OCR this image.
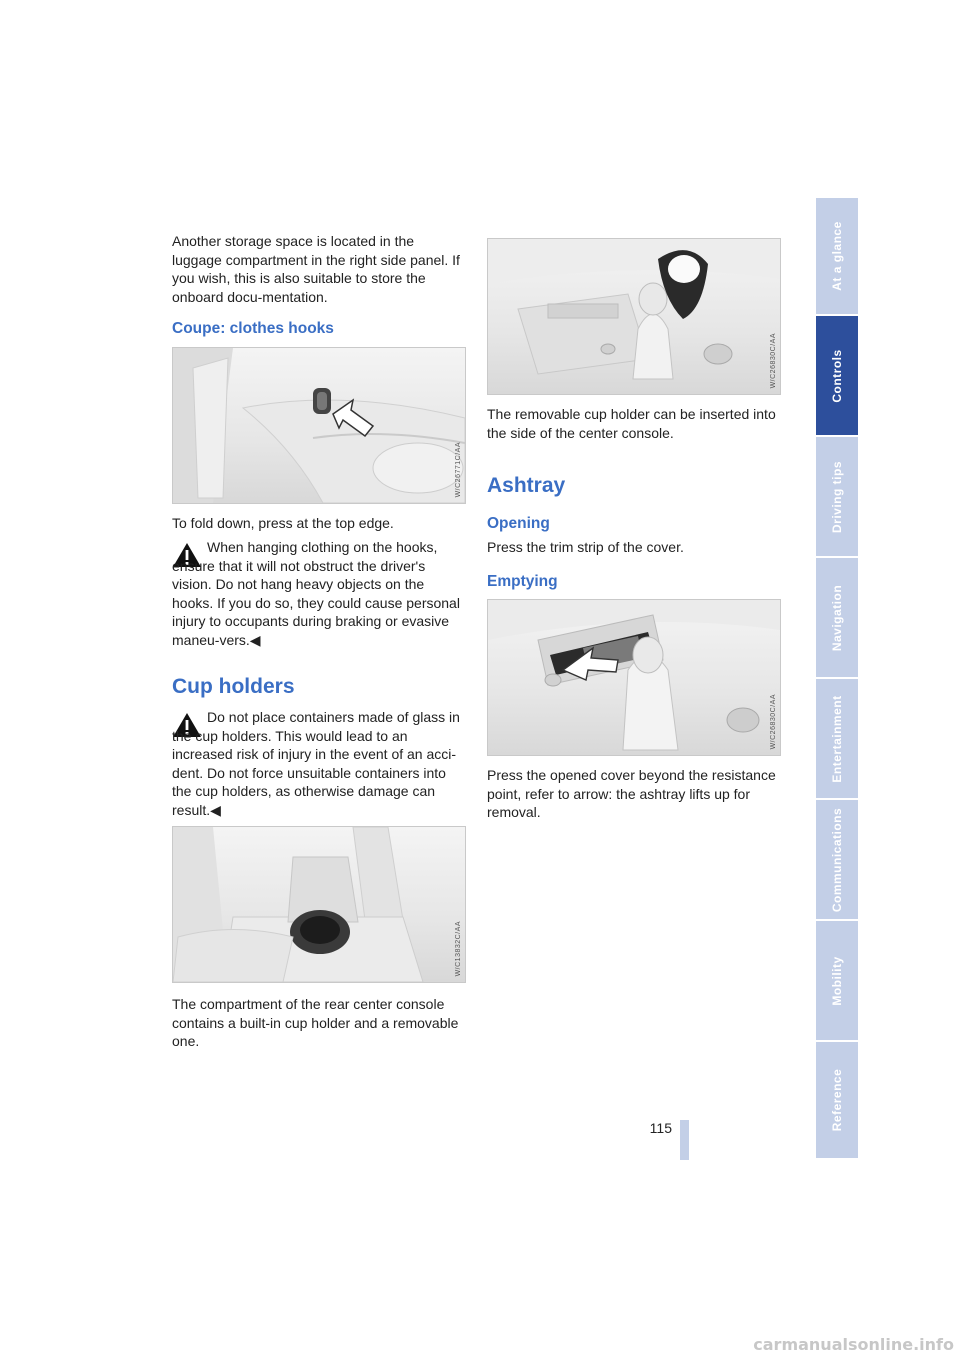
Another storage space is located in the luggage compartment in the right side panel. If you wish, this is also suitable to store the onboard docu-mentation.

Coupe: clothes hooks
W/C26771C/AA
To fold down, press at the top edge.
When hanging clothing on the hooks, ensure that it will not obstruct the driver's vision. Do not hang heavy objects on the hooks. If you do so, they could cause personal injury to occupants during braking or evasive maneu-vers.◀
Cup holders
Do not place containers made of glass in the cup holders. This would lead to an increased risk of injury in the event of an acci-dent. Do not force unsuitable containers into the cup holders, as otherwise damage can result.◀
W/C13832C/AA
The compartment of the rear center console contains a built-in cup holder and a removable one.
W/C26830C/AA
The removable cup holder can be inserted into the side of the center console.
Ashtray
Opening
Press the trim strip of the cover.
Emptying
W/C26830C/AA
Press the opened cover beyond the resistance point, refer to arrow: the ashtray lifts up for removal.
At a glance
Controls
Driving tips
Navigation
Entertainment
Communications
Mobility
Reference
115
carmanualsonline.info
